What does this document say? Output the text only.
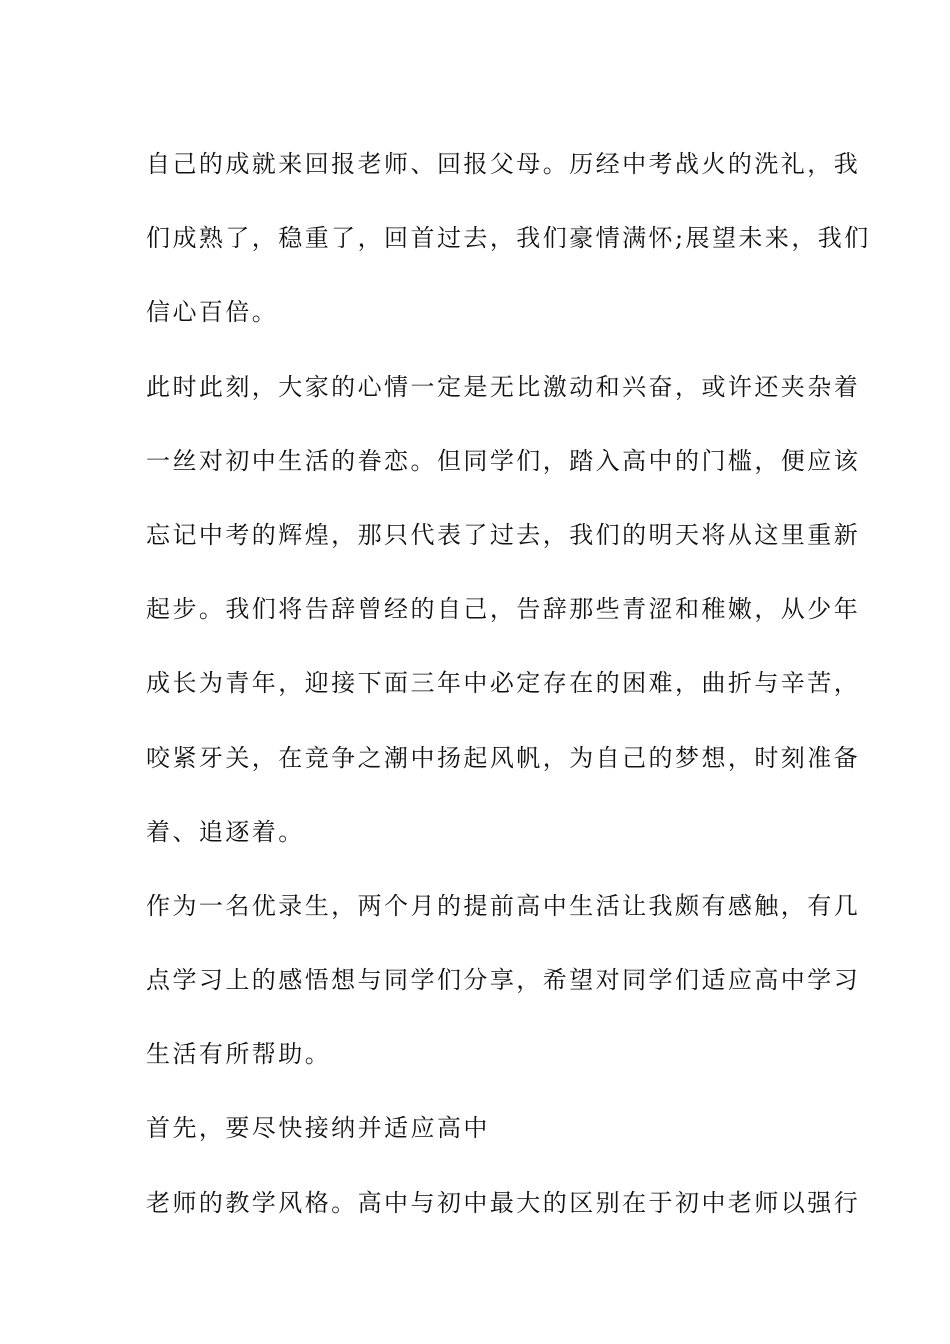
自己的成就来回报老师、回报父母。历经中考战火的洗礼，我
们成熟了，稳重了，回首过去，我们豪情满怀;展望未来，我们
信心百倍。
此时此刻，大家的心情一定是无比激动和兴奋，或许还夹杂着
一丝对初中生活的眷恋。但同学们，踏入高中的门槛，便应该
忘记中考的辉煌，那只代表了过去，我们的明天将从这里重新
起步。我们将告辞曾经的自己，告辞那些青涩和稚嫩，从少年
成长为青年，迎接下面三年中必定存在的困难，曲折与辛苦，
咬紧牙关，在竞争之潮中扬起风帆，为自己的梦想，时刻准备
着、追逐着。
作为一名优录生，两个月的提前高中生活让我颇有感触，有几
点学习上的感悟想与同学们分享，希望对同学们适应高中学习
生活有所帮助。
首先，要尽快接纳并适应高中
老师的教学风格。高中与初中最大的区别在于初中老师以强行
